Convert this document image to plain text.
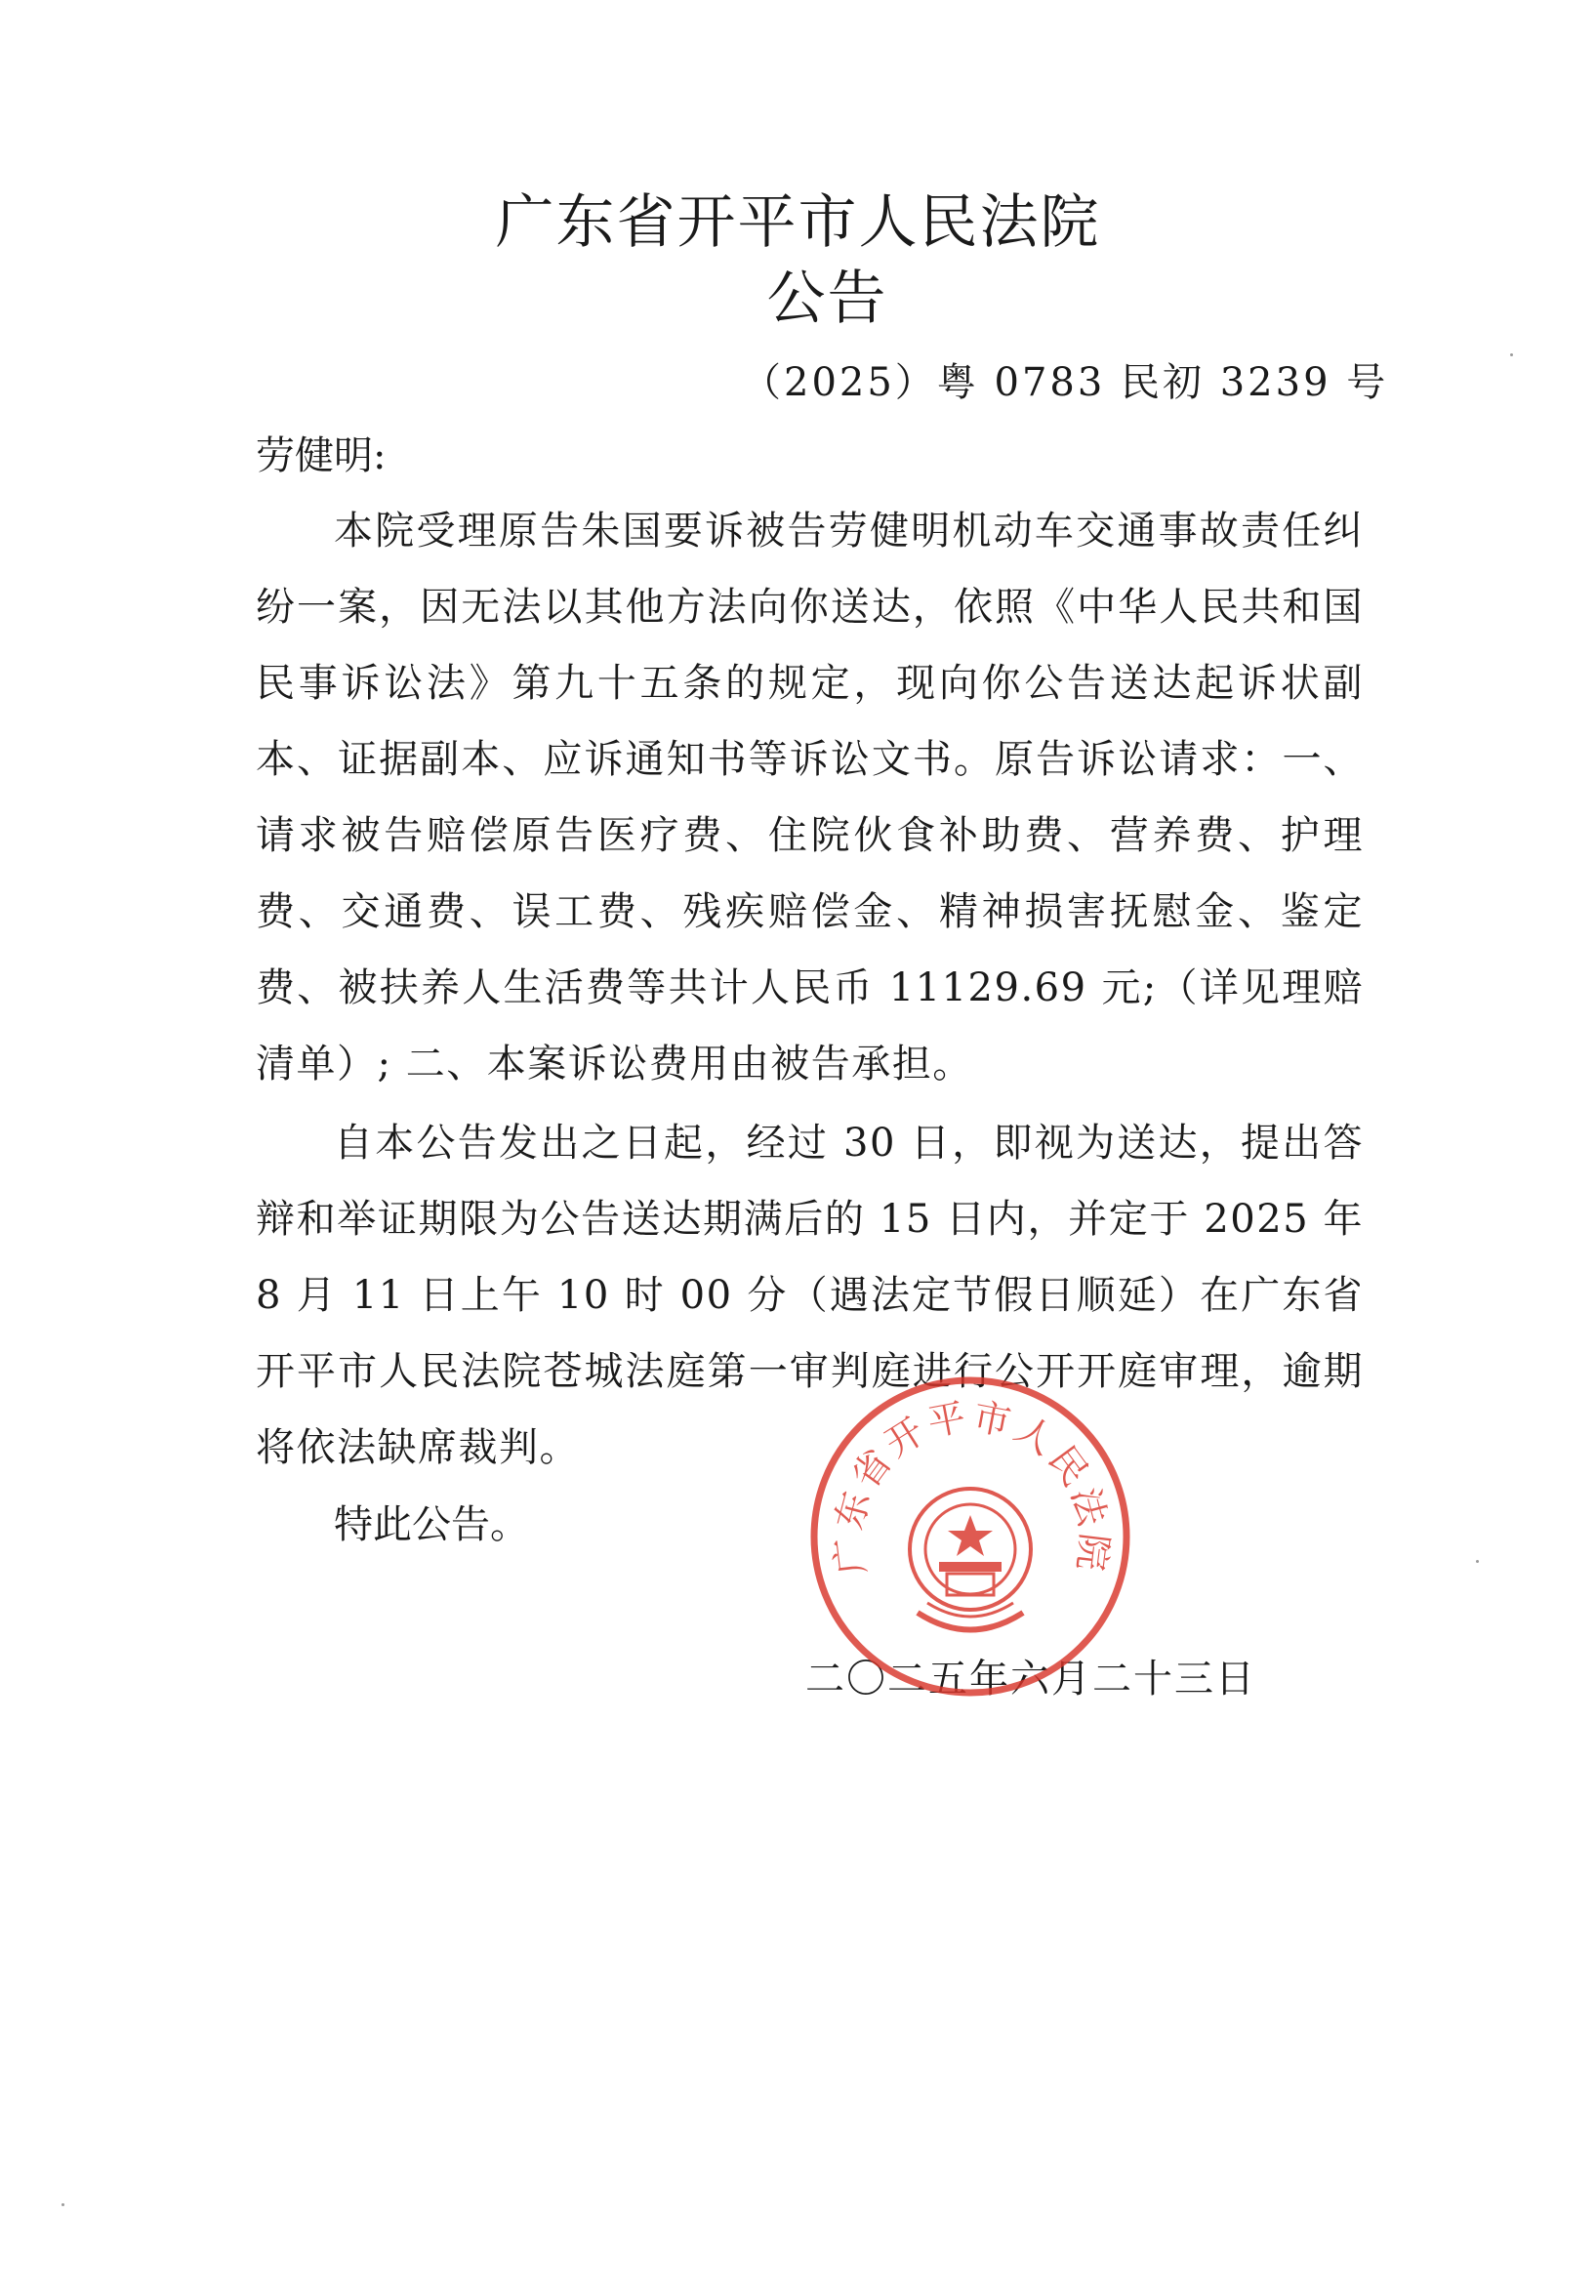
广东省开平市人民法院
公告
（2025）粤 0783 民初 3239 号
劳健明:

本院受理原告朱国要诉被告劳健明机动车交通事故责任纠纷一案，因无法以其他方法向你送达，依照《中华人民共和国民事诉讼法》第九十五条的规定，现向你公告送达起诉状副本、证据副本、应诉通知书等诉讼文书。原告诉讼请求：一、请求被告赔偿原告医疗费、住院伙食补助费、营养费、护理费、交通费、误工费、残疾赔偿金、精神损害抚慰金、鉴定费、被扶养人生活费等共计人民币 11129.69 元;（详见理赔清单）; 二、本案诉讼费用由被告承担。

自本公告发出之日起，经过 30 日，即视为送达，提出答辩和举证期限为公告送达期满后的 15 日内，并定于 2025 年 8 月 11 日上午 10 时 00 分（遇法定节假日顺延）在广东省开平市人民法院苍城法庭第一审判庭进行公开开庭审理，逾期将依法缺席裁判。

特此公告。
二〇二五年六月二十三日
广东省开平市人民法院
